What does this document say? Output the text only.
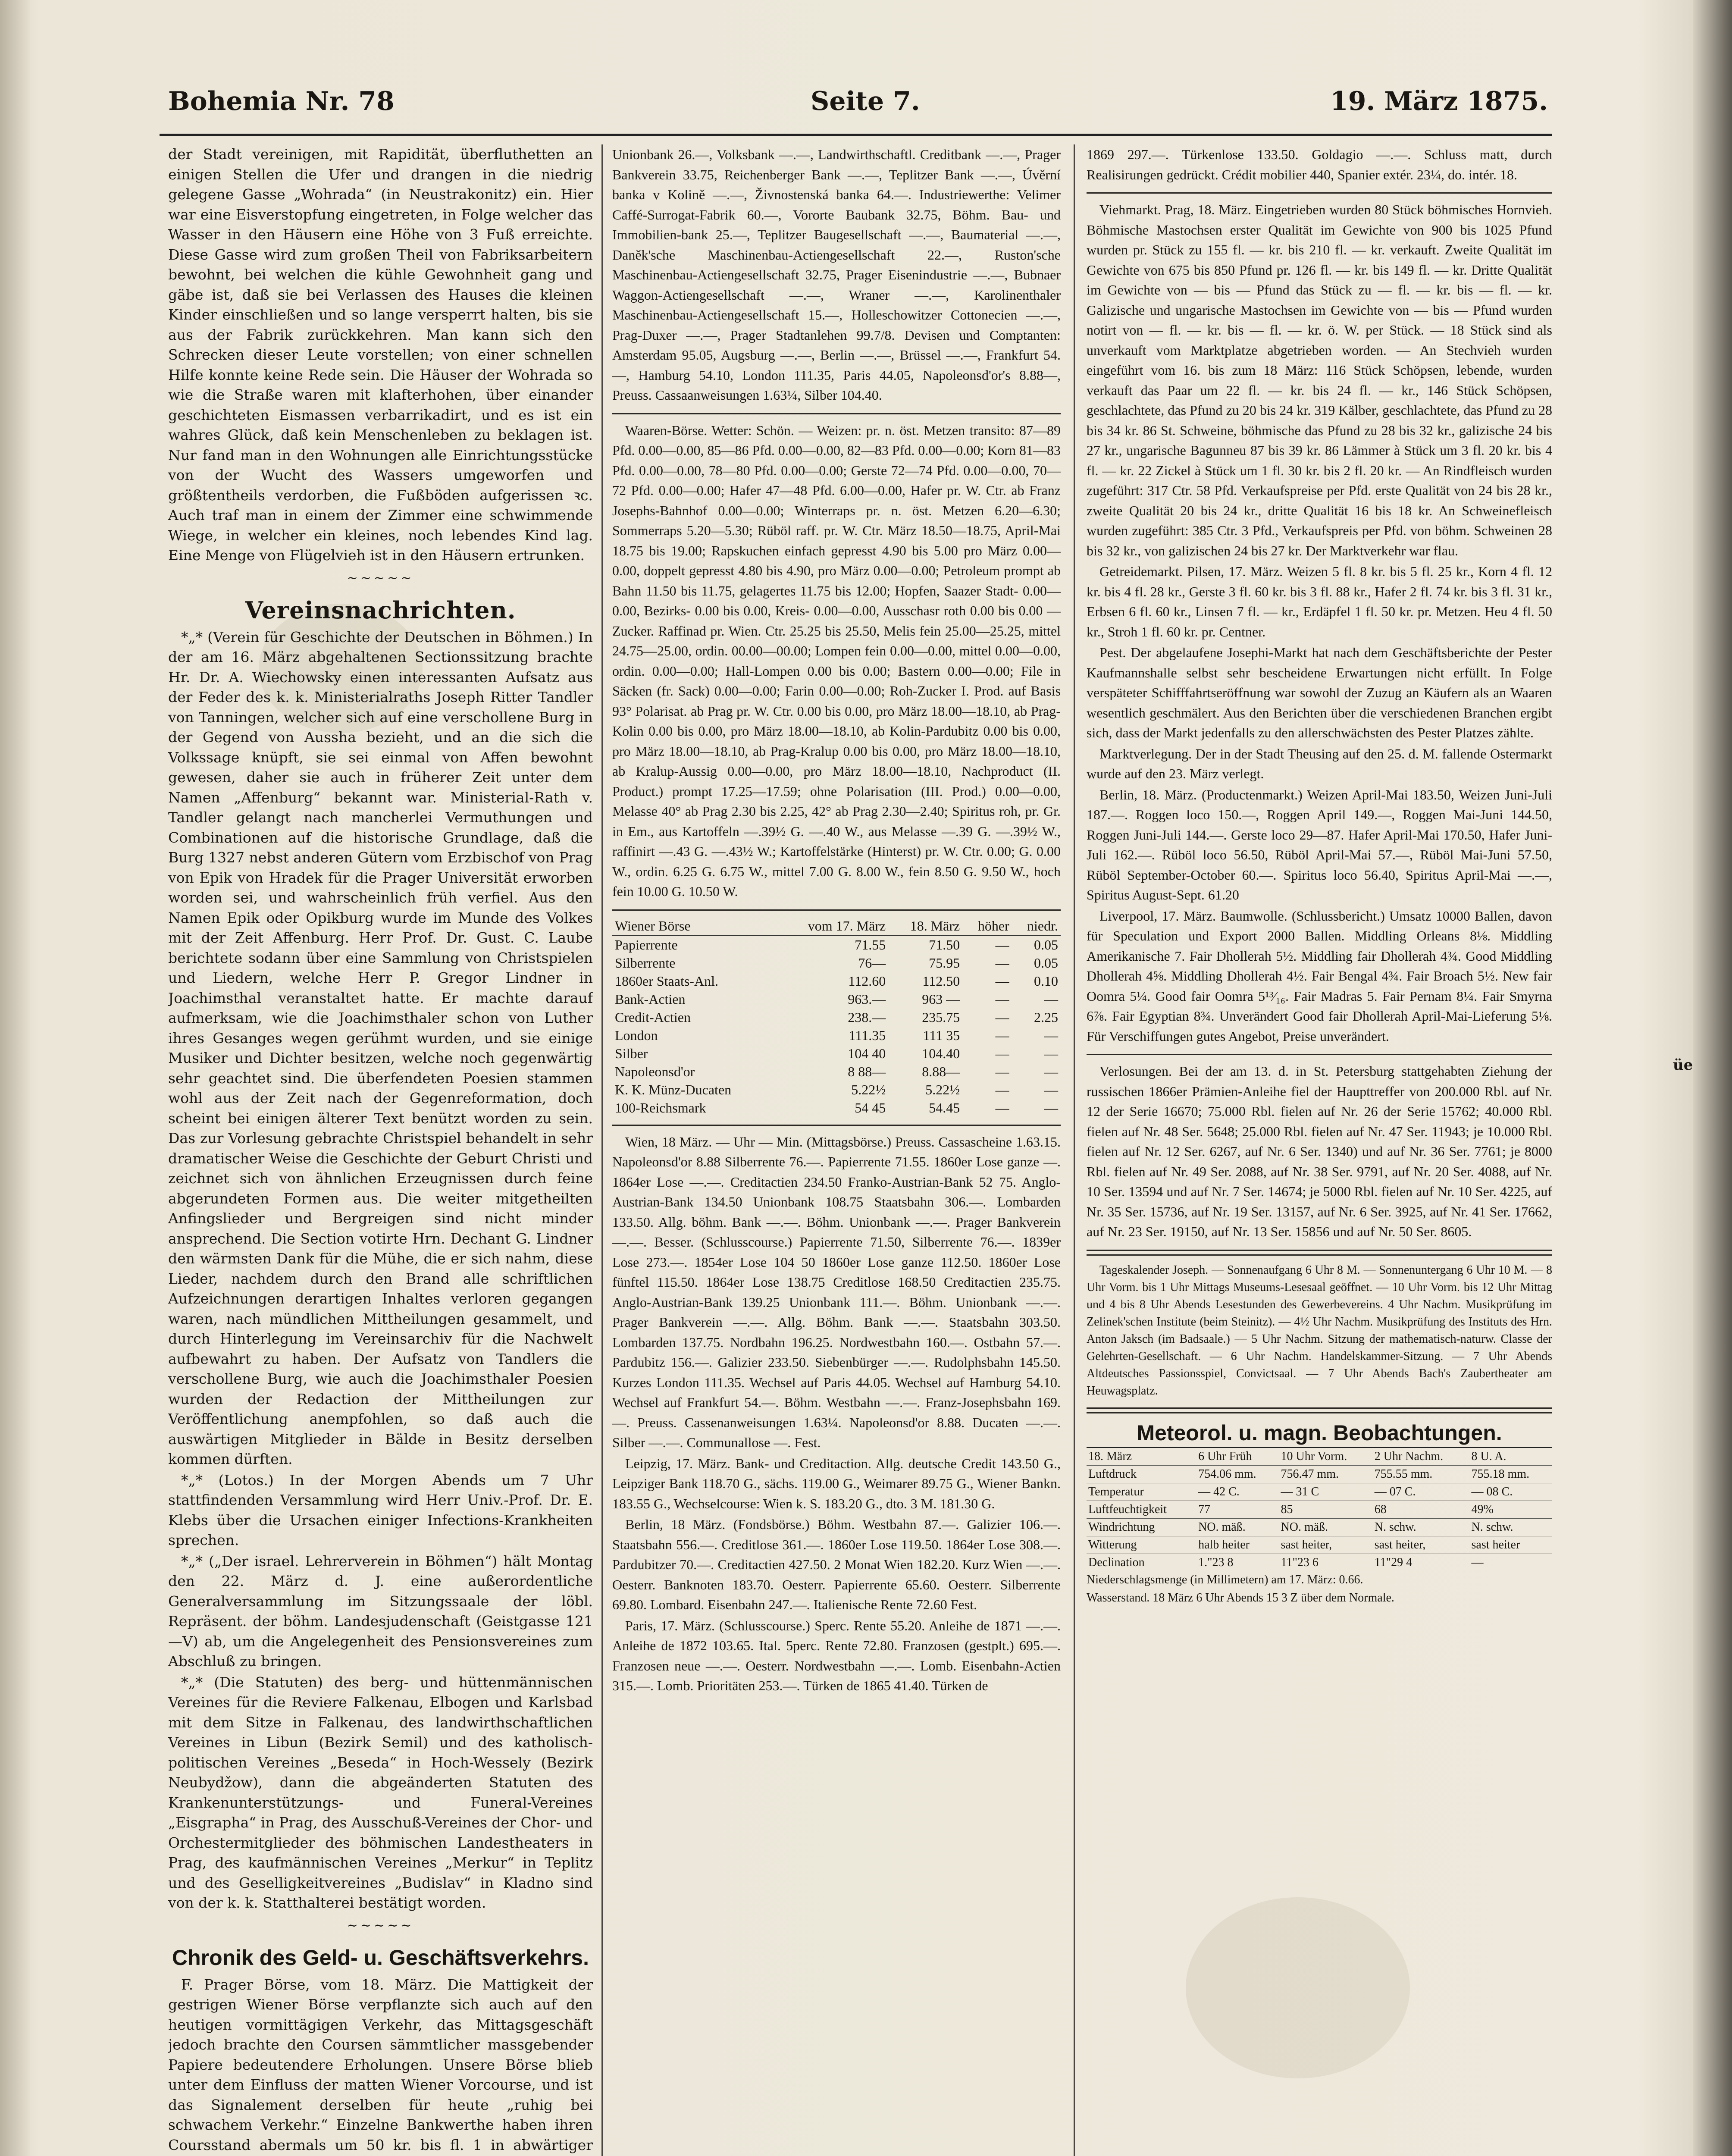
Bohemia Nr. 78	Seite 7.	19. März 1875.

der Stadt vereinigen, mit Rapidität, überfluthetten an einigen Stellen die Ufer und drangen in die niedrig gelegene Gasse „Wohrada“ (in Neustrakonitz) ein. Hier war eine Eisverstopfung eingetreten, in Folge welcher das Wasser in den Häusern eine Höhe von 3 Fuß erreichte. Diese Gasse wird zum großen Theil von Fabriksarbeitern bewohnt, bei welchen die kühle Gewohnheit gang und gäbe ist, daß sie bei Verlassen des Hauses die kleinen Kinder einschließen und so lange versperrt halten, bis sie aus der Fabrik zurückkehren. Man kann sich den Schrecken dieser Leute vorstellen; von einer schnellen Hilfe konnte keine Rede sein. Die Häuser der Wohrada so wie die Straße waren mit klafterhohen, über einander geschichteten Eismassen verbarrikadirt, und es ist ein wahres Glück, daß kein Menschenleben zu beklagen ist. Nur fand man in den Wohnungen alle Einrichtungsstücke von der Wucht des Wassers umgeworfen und größtentheils verdorben, die Fußböden aufgerissen ꝛc. Auch traf man in einem der Zimmer eine schwimmende Wiege, in welcher ein kleines, noch lebendes Kind lag. Eine Menge von Flügelvieh ist in den Häusern ertrunken.

~~~~~
Vereinsnachrichten.

*„* (Verein für Geschichte der Deutschen in Böhmen.) In der am 16. März abgehaltenen Sectionssitzung brachte Hr. Dr. A. Wiechowsky einen interessanten Aufsatz aus der Feder des k. k. Ministerialraths Joseph Ritter Tandler von Tanningen, welcher sich auf eine verschollene Burg in der Gegend von Aussha bezieht, und an die sich die Volkssage knüpft, sie sei einmal von Affen bewohnt gewesen, daher sie auch in früherer Zeit unter dem Namen „Affenburg“ bekannt war. Ministerial-Rath v. Tandler gelangt nach mancherlei Vermuthungen und Combinationen auf die historische Grundlage, daß die Burg 1327 nebst anderen Gütern vom Erzbischof von Prag von Epik von Hradek für die Prager Universität erworben worden sei, und wahrscheinlich früh verfiel. Aus den Namen Epik oder Opikburg wurde im Munde des Volkes mit der Zeit Affenburg. Herr Prof. Dr. Gust. C. Laube berichtete sodann über eine Sammlung von Christspielen und Liedern, welche Herr P. Gregor Lindner in Joachimsthal veranstaltet hatte. Er machte darauf aufmerksam, wie die Joachimsthaler schon von Luther ihres Gesanges wegen gerühmt wurden, und sie einige Musiker und Dichter besitzen, welche noch gegenwärtig sehr geachtet sind. Die überfendeten Poesien stammen wohl aus der Zeit nach der Gegenreformation, doch scheint bei einigen älterer Text benützt worden zu sein. Das zur Vorlesung gebrachte Christspiel behandelt in sehr dramatischer Weise die Geschichte der Geburt Christi und zeichnet sich von ähnlichen Erzeugnissen durch feine abgerundeten Formen aus. Die weiter mitgetheilten Anfingslieder und Bergreigen sind nicht minder ansprechend. Die Section votirte Hrn. Dechant G. Lindner den wärmsten Dank für die Mühe, die er sich nahm, diese Lieder, nachdem durch den Brand alle schriftlichen Aufzeichnungen derartigen Inhaltes verloren gegangen waren, nach mündlichen Mittheilungen gesammelt, und durch Hinterlegung im Vereinsarchiv für die Nachwelt aufbewahrt zu haben. Der Aufsatz von Tandlers die verschollene Burg, wie auch die Joachimsthaler Poesien wurden der Redaction der Mittheilungen zur Veröffentlichung anempfohlen, so daß auch die auswärtigen Mitglieder in Bälde in Besitz derselben kommen dürften.

*„* (Lotos.) In der Morgen Abends um 7 Uhr stattfindenden Versammlung wird Herr Univ.-Prof. Dr. E. Klebs über die Ursachen einiger Infections-Krankheiten sprechen.

*„* („Der israel. Lehrerverein in Böhmen“) hält Montag den 22. März d. J. eine außerordentliche Generalversammlung im Sitzungssaale der löbl. Repräsent. der böhm. Landesjudenschaft (Geistgasse 121—V) ab, um die Angelegenheit des Pensionsvereines zum Abschluß zu bringen.

*„* (Die Statuten) des berg- und hüttenmännischen Vereines für die Reviere Falkenau, Elbogen und Karlsbad mit dem Sitze in Falkenau, des landwirthschaftlichen Vereines in Libun (Bezirk Semil) und des katholisch-politischen Vereines „Beseda“ in Hoch-Wessely (Bezirk Neubydžow), dann die abgeänderten Statuten des Krankenunterstützungs- und Funeral-Vereines „Eisgrapha“ in Prag, des Ausschuß-Vereines der Chor- und Orchestermitglieder des böhmischen Landestheaters in Prag, des kaufmännischen Vereines „Merkur“ in Teplitz und des Geselligkeitvereines „Budislav“ in Kladno sind von der k. k. Statthalterei bestätigt worden.

~~~~~
Chronik des Geld- u. Geschäftsverkehrs.

F. Prager Börse, vom 18. März. Die Mattigkeit der gestrigen Wiener Börse verpflanzte sich auch auf den heutigen vormittägigen Verkehr, das Mittagsgeschäft jedoch brachte den Coursen sämmtlicher massgebender Papiere bedeutendere Erholungen. Unsere Börse blieb unter dem Einfluss der matten Wiener Vorcourse, und ist das Signalement derselben für heute „ruhig bei schwachem Verkehr.“ Einzelne Bankwerthe haben ihren Coursstand abermals um 50 kr. bis fl. 1 in abwärtiger

Unionbank 26.—, Volksbank —.—, Landwirthschaftl. Creditbank —.—, Prager Bankverein 33.75, Reichenberger Bank —.—, Teplitzer Bank —.—, Úvěrní banka v Kolině —.—, Živnostenská banka 64.—. Industriewerthe: Velimer Caffé-Surrogat-Fabrik 60.—, Vororte Baubank 32.75, Böhm. Bau- und Immobilien-bank 25.—, Teplitzer Baugesellschaft —.—, Baumaterial —.—, Daněk'sche Maschinenbau-Actiengesellschaft 22.—, Ruston'sche Maschinenbau-Actiengesellschaft 32.75, Prager Eisenindustrie —.—, Bubnaer Waggon-Actiengesellschaft —.—, Wraner —.—, Karolinenthaler Maschinenbau-Actiengesellschaft 15.—, Holleschowitzer Cottonecien —.—, Prag-Duxer —.—, Prager Stadtanlehen 99.7/8. Devisen und Comptanten: Amsterdam 95.05, Augsburg —.—, Berlin —.—, Brüssel —.—, Frankfurt 54.—, Hamburg 54.10, London 111.35, Paris 44.05, Napoleonsd'or's 8.88—, Preuss. Cassaanweisungen 1.63¼, Silber 104.40.

Waaren-Börse. Wetter: Schön. — Weizen: pr. n. öst. Metzen transito: 87—89 Pfd. 0.00—0.00, 85—86 Pfd. 0.00—0.00, 82—83 Pfd. 0.00—0.00; Korn 81—83 Pfd. 0.00—0.00, 78—80 Pfd. 0.00—0.00; Gerste 72—74 Pfd. 0.00—0.00, 70—72 Pfd. 0.00—0.00; Hafer 47—48 Pfd. 6.00—0.00, Hafer pr. W. Ctr. ab Franz Josephs-Bahnhof 0.00—0.00; Winterraps pr. n. öst. Metzen 6.20—6.30; Sommerraps 5.20—5.30; Rüböl raff. pr. W. Ctr. März 18.50—18.75, April-Mai 18.75 bis 19.00; Rapskuchen einfach gepresst 4.90 bis 5.00 pro März 0.00—0.00, doppelt gepresst 4.80 bis 4.90, pro März 0.00—0.00; Petroleum prompt ab Bahn 11.50 bis 11.75, gelagertes 11.75 bis 12.00; Hopfen, Saazer Stadt- 0.00—0.00, Bezirks- 0.00 bis 0.00, Kreis- 0.00—0.00, Ausschasr roth 0.00 bis 0.00 — Zucker. Raffinad pr. Wien. Ctr. 25.25 bis 25.50, Melis fein 25.00—25.25, mittel 24.75—25.00, ordin. 00.00—00.00; Lompen fein 0.00—0.00, mittel 0.00—0.00, ordin. 0.00—0.00; Hall-Lompen 0.00 bis 0.00; Bastern 0.00—0.00; File in Säcken (fr. Sack) 0.00—0.00; Farin 0.00—0.00; Roh-Zucker I. Prod. auf Basis 93° Polarisat. ab Prag pr. W. Ctr. 0.00 bis 0.00, pro März 18.00—18.10, ab Prag-Kolin 0.00 bis 0.00, pro März 18.00—18.10, ab Kolin-Pardubitz 0.00 bis 0.00, pro März 18.00—18.10, ab Prag-Kralup 0.00 bis 0.00, pro März 18.00—18.10, ab Kralup-Aussig 0.00—0.00, pro März 18.00—18.10, Nachproduct (II. Product.) prompt 17.25—17.59; ohne Polarisation (III. Prod.) 0.00—0.00, Melasse 40° ab Prag 2.30 bis 2.25, 42° ab Prag 2.30—2.40; Spiritus roh, pr. Gr. in Em., aus Kartoffeln —.39½ G. —.40 W., aus Melasse —.39 G. —.39½ W., raffinirt —.43 G. —.43½ W.; Kartoffelstärke (Hinterst) pr. W. Ctr. 0.00; G. 0.00 W., ordin. 6.25 G. 6.75 W., mittel 7.00 G. 8.00 W., fein 8.50 G. 9.50 W., hoch fein 10.00 G. 10.50 W.

Wiener Börse	vom 17. März	18. März	höher	niedr.
Papierrente	71.55	71.50	—	0.05
Silberrente	76—	75.95	—	0.05
1860er Staats-Anl.	112.60	112.50	—	0.10
Bank-Actien	963.—	963 —	—	—
Credit-Actien	238.—	235.75	—	2.25
London	111.35	111 35	—	—
Silber	104 40	104.40	—	—
Napoleonsd'or	8 88—	8.88—	—	—
K. K. Münz-Ducaten	5.22½	5.22½	—	—
100-Reichsmark	54 45	54.45	—	—

Wien, 18 März. — Uhr — Min. (Mittagsbörse.) Preuss. Cassascheine 1.63.15. Napoleonsd'or 8.88 Silberrente 76.—. Papierrente 71.55. 1860er Lose ganze —. 1864er Lose —.—. Creditactien 234.50 Franko-Austrian-Bank 52 75. Anglo-Austrian-Bank 134.50 Unionbank 108.75 Staatsbahn 306.—. Lombarden 133.50. Allg. böhm. Bank —.—. Böhm. Unionbank —.—. Prager Bankverein —.—. Besser. (Schlusscourse.) Papierrente 71.50, Silberrente 76.—. 1839er Lose 273.—. 1854er Lose 104 50 1860er Lose ganze 112.50. 1860er Lose fünftel 115.50. 1864er Lose 138.75 Creditlose 168.50 Creditactien 235.75. Anglo-Austrian-Bank 139.25 Unionbank 111.—. Böhm. Unionbank —.—. Prager Bankverein —.—. Allg. Böhm. Bank —.—. Staatsbahn 303.50. Lombarden 137.75. Nordbahn 196.25. Nordwestbahn 160.—. Ostbahn 57.—. Pardubitz 156.—. Galizier 233.50. Siebenbürger —.—. Rudolphsbahn 145.50. Kurzes London 111.35. Wechsel auf Paris 44.05. Wechsel auf Hamburg 54.10. Wechsel auf Frankfurt 54.—. Böhm. Westbahn —.—. Franz-Josephsbahn 169.—. Preuss. Cassenanweisungen 1.63¼. Napoleonsd'or 8.88. Ducaten —.—. Silber —.—. Communallose —. Fest.

Leipzig, 17. März. Bank- und Creditaction. Allg. deutsche Credit 143.50 G., Leipziger Bank 118.70 G., sächs. 119.00 G., Weimarer 89.75 G., Wiener Bankn. 183.55 G., Wechselcourse: Wien k. S. 183.20 G., dto. 3 M. 181.30 G.

Berlin, 18 März. (Fondsbörse.) Böhm. Westbahn 87.—. Galizier 106.—. Staatsbahn 556.—. Creditlose 361.—. 1860er Lose 119.50. 1864er Lose 308.—. Pardubitzer 70.—. Creditactien 427.50. 2 Monat Wien 182.20. Kurz Wien —.—. Oesterr. Banknoten 183.70. Oesterr. Papierrente 65.60. Oesterr. Silberrente 69.80. Lombard. Eisenbahn 247.—. Italienische Rente 72.60 Fest.

Paris, 17. März. (Schlusscourse.) Sperc. Rente 55.20. Anleihe de 1871 —.—. Anleihe de 1872 103.65. Ital. 5perc. Rente 72.80. Franzosen (gestplt.) 695.—. Franzosen neue —.—. Oesterr. Nordwestbahn —.—. Lomb. Eisenbahn-Actien 315.—. Lomb. Prioritäten 253.—. Türken de 1865 41.40. Türken de

1869 297.—. Türkenlose 133.50. Goldagio —.—. Schluss matt, durch Realisirungen gedrückt. Crédit mobilier 440, Spanier extér. 23¼, do. intér. 18.

Viehmarkt. Prag, 18. März. Eingetrieben wurden 80 Stück böhmisches Hornvieh. Böhmische Mastochsen erster Qualität im Gewichte von 900 bis 1025 Pfund wurden pr. Stück zu 155 fl. — kr. bis 210 fl. — kr. verkauft. Zweite Qualität im Gewichte von 675 bis 850 Pfund pr. 126 fl. — kr. bis 149 fl. — kr. Dritte Qualität im Gewichte von — bis — Pfund das Stück zu — fl. — kr. bis — fl. — kr. Galizische und ungarische Mastochsen im Gewichte von — bis — Pfund wurden notirt von — fl. — kr. bis — fl. — kr. ö. W. per Stück. — 18 Stück sind als unverkauft vom Marktplatze abgetrieben worden. — An Stechvieh wurden eingeführt vom 16. bis zum 18 März: 116 Stück Schöpsen, lebende, wurden verkauft das Paar um 22 fl. — kr. bis 24 fl. — kr., 146 Stück Schöpsen, geschlachtete, das Pfund zu 20 bis 24 kr. 319 Kälber, geschlachtete, das Pfund zu 28 bis 34 kr. 86 St. Schweine, böhmische das Pfund zu 28 bis 32 kr., galizische 24 bis 27 kr., ungarische Bagunneu 87 bis 39 kr. 86 Lämmer à Stück um 3 fl. 20 kr. bis 4 fl. — kr. 22 Zickel à Stück um 1 fl. 30 kr. bis 2 fl. 20 kr. — An Rindfleisch wurden zugeführt: 317 Ctr. 58 Pfd. Verkaufspreise per Pfd. erste Qualität von 24 bis 28 kr., zweite Qualität 20 bis 24 kr., dritte Qualität 16 bis 18 kr. An Schweinefleisch wurden zugeführt: 385 Ctr. 3 Pfd., Verkaufspreis per Pfd. von böhm. Schweinen 28 bis 32 kr., von galizischen 24 bis 27 kr. Der Marktverkehr war flau.

Getreidemarkt. Pilsen, 17. März. Weizen 5 fl. 8 kr. bis 5 fl. 25 kr., Korn 4 fl. 12 kr. bis 4 fl. 28 kr., Gerste 3 fl. 60 kr. bis 3 fl. 88 kr., Hafer 2 fl. 74 kr. bis 3 fl. 31 kr., Erbsen 6 fl. 60 kr., Linsen 7 fl. — kr., Erdäpfel 1 fl. 50 kr. pr. Metzen. Heu 4 fl. 50 kr., Stroh 1 fl. 60 kr. pr. Centner.

Pest. Der abgelaufene Josephi-Markt hat nach dem Geschäftsberichte der Pester Kaufmannshalle selbst sehr bescheidene Erwartungen nicht erfüllt. In Folge verspäteter Schifffahrtseröffnung war sowohl der Zuzug an Käufern als an Waaren wesentlich geschmälert. Aus den Berichten über die verschiedenen Branchen ergibt sich, dass der Markt jedenfalls zu den allerschwächsten des Pester Platzes zählte.

Marktverlegung. Der in der Stadt Theusing auf den 25. d. M. fallende Ostermarkt wurde auf den 23. März verlegt.

Berlin, 18. März. (Productenmarkt.) Weizen April-Mai 183.50, Weizen Juni-Juli 187.—. Roggen loco 150.—, Roggen April 149.—, Roggen Mai-Juni 144.50, Roggen Juni-Juli 144.—. Gerste loco 29—87. Hafer April-Mai 170.50, Hafer Juni-Juli 162.—. Rüböl loco 56.50, Rüböl April-Mai 57.—, Rüböl Mai-Juni 57.50, Rüböl September-October 60.—. Spiritus loco 56.40, Spiritus April-Mai —.—, Spiritus August-Sept. 61.20

Liverpool, 17. März. Baumwolle. (Schlussbericht.) Umsatz 10000 Ballen, davon für Speculation und Export 2000 Ballen. Middling Orleans 8⅛. Middling Amerikanische 7. Fair Dhollerah 5½. Middling fair Dhollerah 4¾. Good Middling Dhollerah 4⅝. Middling Dhollerah 4½. Fair Bengal 4¾. Fair Broach 5½. New fair Oomra 5¼. Good fair Oomra 5¹³⁄₁₆. Fair Madras 5. Fair Pernam 8¼. Fair Smyrna 6⅞. Fair Egyptian 8¾. Unverändert Good fair Dhollerah April-Mai-Lieferung 5⅛. Für Verschiffungen gutes Angebot, Preise unverändert.

Verlosungen. Bei der am 13. d. in St. Petersburg stattgehabten Ziehung der russischen 1866er Prämien-Anleihe fiel der Haupttreffer von 200.000 Rbl. auf Nr. 12 der Serie 16670; 75.000 Rbl. fielen auf Nr. 26 der Serie 15762; 40.000 Rbl. fielen auf Nr. 48 Ser. 5648; 25.000 Rbl. fielen auf Nr. 47 Ser. 11943; je 10.000 Rbl. fielen auf Nr. 12 Ser. 6267, auf Nr. 6 Ser. 1340) und auf Nr. 36 Ser. 7761; je 8000 Rbl. fielen auf Nr. 49 Ser. 2088, auf Nr. 38 Ser. 9791, auf Nr. 20 Ser. 4088, auf Nr. 10 Ser. 13594 und auf Nr. 7 Ser. 14674; je 5000 Rbl. fielen auf Nr. 10 Ser. 4225, auf Nr. 35 Ser. 15736, auf Nr. 19 Ser. 13157, auf Nr. 6 Ser. 3925, auf Nr. 41 Ser. 17662, auf Nr. 23 Ser. 19150, auf Nr. 13 Ser. 15856 und auf Nr. 50 Ser. 8605.

Tageskalender Joseph. — Sonnenaufgang 6 Uhr 8 M. — Sonnenuntergang 6 Uhr 10 M. — 8 Uhr Vorm. bis 1 Uhr Mittags Museums-Lesesaal geöffnet. — 10 Uhr Vorm. bis 12 Uhr Mittag und 4 bis 8 Uhr Abends Lesestunden des Gewerbevereins. 4 Uhr Nachm. Musikprüfung im Zelinek'schen Institute (beim Steinitz). — 4½ Uhr Nachm. Musikprüfung des Instituts des Hrn. Anton Jaksch (im Badsaale.) — 5 Uhr Nachm. Sitzung der mathematisch-naturw. Classe der Gelehrten-Gesellschaft. — 6 Uhr Nachm. Handelskammer-Sitzung. — 7 Uhr Abends Altdeutsches Passionsspiel, Convictsaal. — 7 Uhr Abends Bach's Zaubertheater am Heuwagsplatz.

Meteorol. u. magn. Beobachtungen.
18. März	6 Uhr Früh	10 Uhr Vorm.	2 Uhr Nachm.	8 U. A.
Luftdruck	754.06 mm.	756.47 mm.	755.55 mm.	755.18 mm.
Temperatur	— 42 C.	— 31 C	— 07 C.	— 08 C.
Luftfeuchtigkeit	77	85	68	49%
Windrichtung	NO. mäß.	NO. mäß.	N. schw.	N. schw.
Witterung	halb heiter	sast heiter,	sast heiter,	sast heiter
Declination	1."23 8	11"23 6	11"29 4	—

Niederschlagsmenge (in Millimetern) am 17. März: 0.66.

Wasserstand. 18 März 6 Uhr Abends 15 3 Z über dem Normale.

üe
